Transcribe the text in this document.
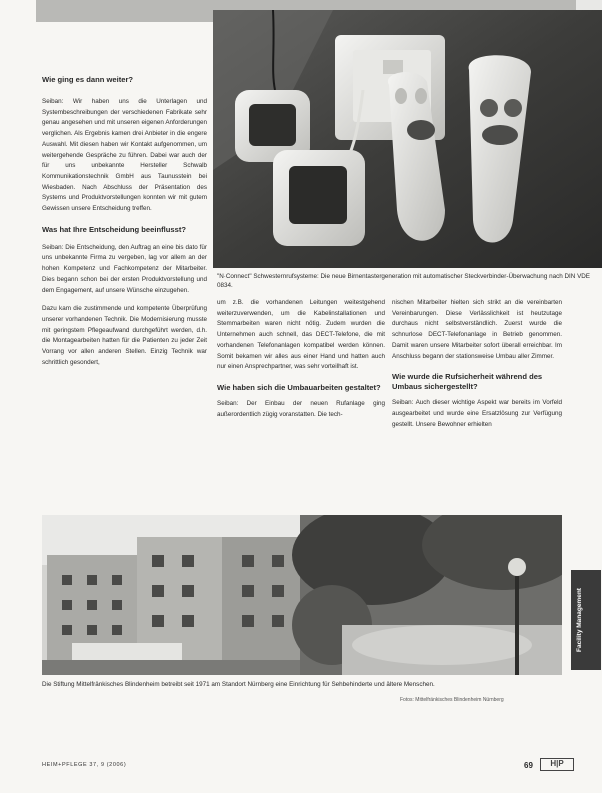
Wie ging es dann weiter?

Seiban: Wir haben uns die Unterlagen und Systembeschreibungen der verschiedenen Fabrikate sehr genau angesehen und mit unseren eigenen Anforderungen verglichen. Als Ergebnis kamen drei Anbieter in die engere Auswahl. Mit diesen haben wir Kontakt aufgenommen, um weitergehende Gespräche zu führen. Dabei war auch der für uns unbekannte Hersteller Schwalb Kommunikationstechnik GmbH aus Taunusstein bei Wiesbaden. Nach Abschluss der Präsentation des Systems und Produktvorstellungen konnten wir mit gutem Gewissen unsere Entscheidung treffen.

Was hat Ihre Entscheidung beeinflusst?

Seiban: Die Entscheidung, den Auftrag an eine bis dato für uns unbekannte Firma zu vergeben, lag vor allem an der hohen Kompetenz und Fachkompetenz der Mitarbeiter. Dies begann schon bei der ersten Produktvorstellung und dem Engagement, auf unsere Wünsche einzugehen.

Dazu kam die zustimmende und kompetente Überprüfung unserer vorhandenen Technik. Die Modernisierung musste mit geringstem Pflegeaufwand durchgeführt werden, d.h. die Montagearbeiten hatten für die Patienten zu jeder Zeit Vorrang vor allen anderen Stellen. Einzig Technik war schrittlich gesondert,

"N·Connect" Schwesternrufsysteme: Die neue Birnentastergeneration mit automatischer Steckverbinder-Überwachung nach DIN VDE 0834.

um z.B. die vorhandenen Leitungen weitestgehend weiterzuverwenden, um die Kabelinstallationen und Stemmarbeiten waren nicht nötig. Zudem wurden die Unternehmen auch schnell, das DECT-Telefone, die mit vorhandenen Telefonanlagen kompatibel werden können. Somit bekamen wir alles aus einer Hand und hatten auch nur einen Ansprechpartner, was sehr vorteilhaft ist.

Wie haben sich die Umbauarbeiten gestaltet?

Seiban: Der Einbau der neuen Rufanlage ging außerordentlich zügig voranstatten. Die tech-

nischen Mitarbeiter hielten sich strikt an die vereinbarten Vereinbarungen. Diese Verlässlichkeit ist heutzutage durchaus nicht selbstverständlich. Zuerst wurde die schnurlose DECT-Telefonanlage in Betrieb genommen. Damit waren unsere Mitarbeiter sofort überall erreichbar. Im Anschluss begann der stationsweise Umbau aller Zimmer.

Wie wurde die Rufsicherheit während des Umbaus sichergestellt?

Seiban: Auch dieser wichtige Aspekt war bereits im Vorfeld ausgearbeitet und wurde eine Ersatzlösung zur Verfügung gestellt. Unsere Bewohner erhielten

Die Stiftung Mittelfränkisches Blindenheim betreibt seit 1971 am Standort Nürnberg eine Einrichtung für Sehbehinderte und ältere Menschen.
Fotos: Mittelfränkisches Blindenheim Nürnberg
Facility Management
HEIM+PFLEGE 37, 9 (2006)	69	H|P
